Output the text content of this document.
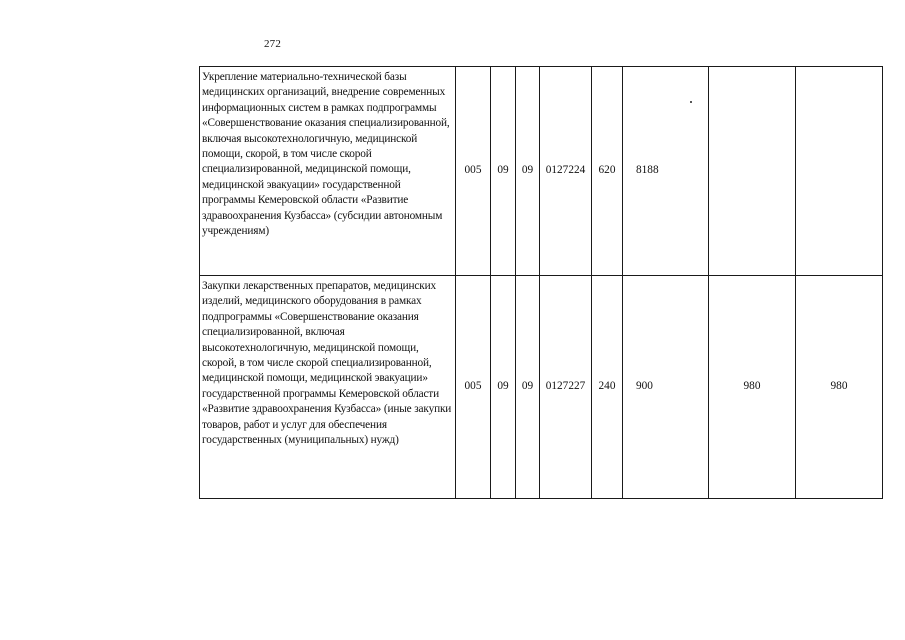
272
Укрепление материально-технической базы медицинских организаций, внедрение современных информационных систем в рамках подпрограммы «Совершенствование оказания специализированной, включая высокотехнологичную, медицинской помощи, скорой, в том числе скорой специализированной, медицинской помощи, медицинской эвакуации» государственной программы Кемеровской области «Развитие здравоохранения Кузбасса» (субсидии автономным учреждениям)	005	09	09	0127224	620	8188		
Закупки лекарственных препаратов, медицинских изделий, медицинского оборудования в рамках подпрограммы «Совершенствование оказания специализированной, включая высокотехнологичную, медицинской помощи, скорой, в том числе скорой специализированной, медицинской помощи, медицинской эвакуации» государственной программы Кемеровской области «Развитие здравоохранения Кузбасса» (иные закупки товаров, работ и услуг для обеспечения государственных (муниципальных) нужд)	005	09	09	0127227	240	900	980	980
